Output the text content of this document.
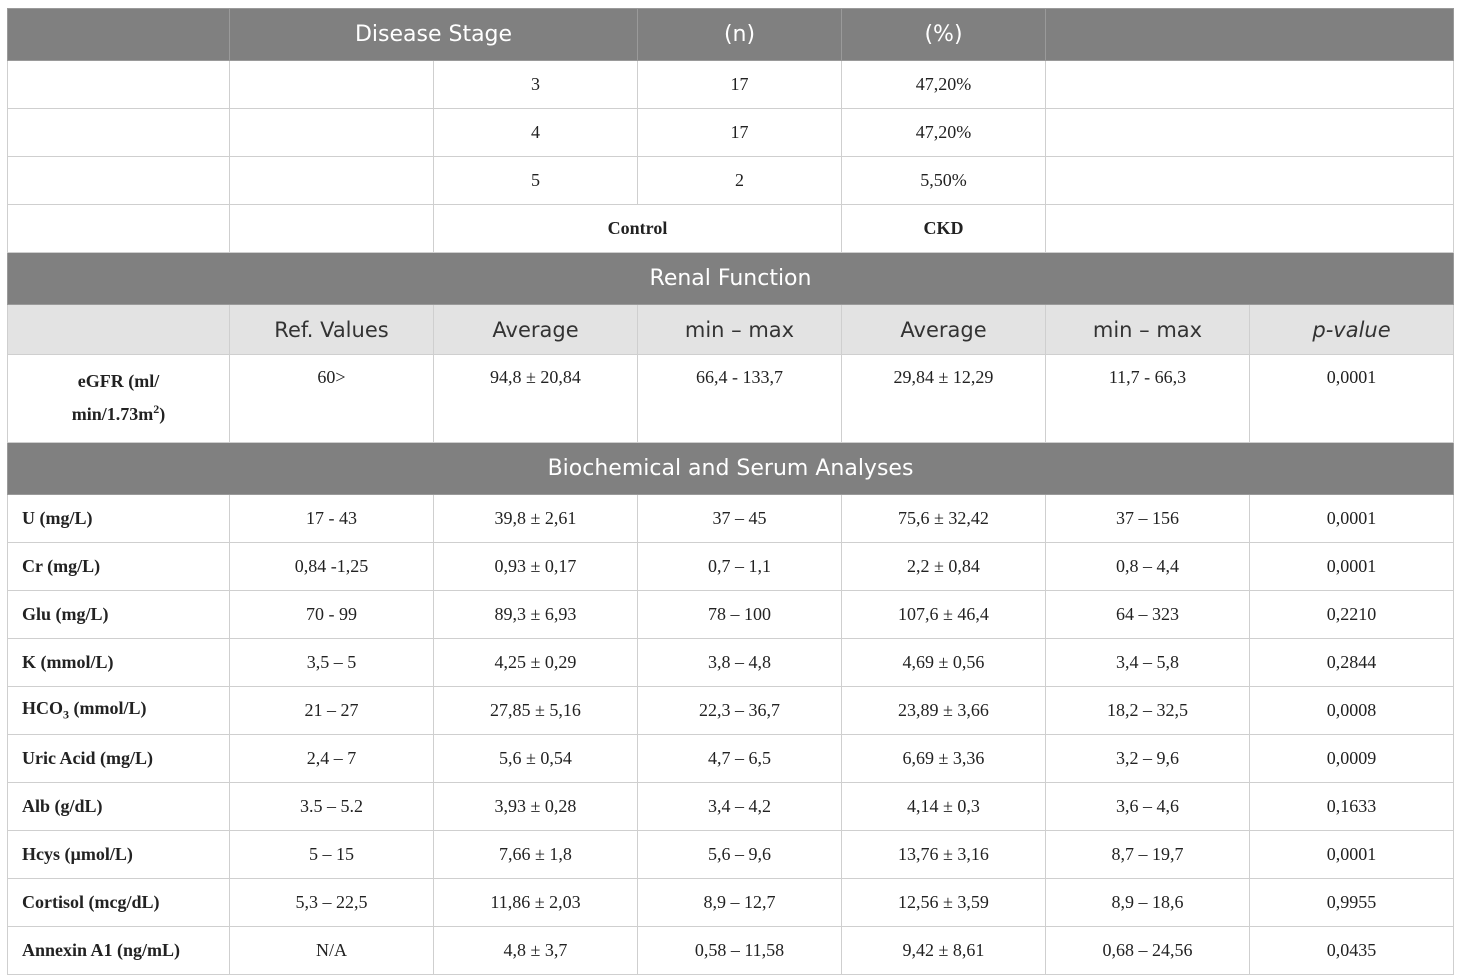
	Disease Stage		(n)	(%)		
		3	17	47,20%		
		4	17	47,20%		
		5	2	5,50%		
		Control		CKD		
Renal Function						
	Ref. Values	Average	min – max	Average	min – max	p-value
eGFR (ml/
$\min/1.73m^2$)	60>	94,8 ± 20,84	66,4 - 133,7	29,84 ± 12,29	11,7 - 66,3	0,0001
Biochemical and Serum Analyses						
U (mg/L)	17 - 43	39,8 ± 2,61	37 – 45	75,6 ± 32,42	37 – 156	0,0001
Cr (mg/L)	0,84 -1,25	0,93 ± 0,17	0,7 – 1,1	2,2 ± 0,84	0,8 – 4,4	0,0001
Glu (mg/L)	70 - 99	89,3 ± 6,93	78 – 100	107,6 ± 46,4	64 – 323	0,2210
K (mmol/L)	3,5 – 5	4,25 ± 0,29	3,8 – 4,8	4,69 ± 0,56	3,4 – 5,8	0,2844
$HCO_3$ (mmol/L)	21 – 27	27,85 ± 5,16	22,3 – 36,7	23,89 ± 3,66	18,2 – 32,5	0,0008
Uric Acid (mg/L)	2,4 – 7	5,6 ± 0,54	4,7 – 6,5	6,69 ± 3,36	3,2 – 9,6	0,0009
Alb (g/dL)	3.5 – 5.2	3,93 ± 0,28	3,4 – 4,2	4,14 ± 0,3	3,6 – 4,6	0,1633
Hcys (µmol/L)	5 – 15	7,66 ± 1,8	5,6 – 9,6	13,76 ± 3,16	8,7 – 19,7	0,0001
Cortisol (mcg/dL)	5,3 – 22,5	11,86 ± 2,03	8,9 – 12,7	12,56 ± 3,59	8,9 – 18,6	0,9955
Annexin A1 (ng/mL)	N/A	4,8 ± 3,7	0,58 – 11,58	9,42 ± 8,61	0,68 – 24,56	0,0435
